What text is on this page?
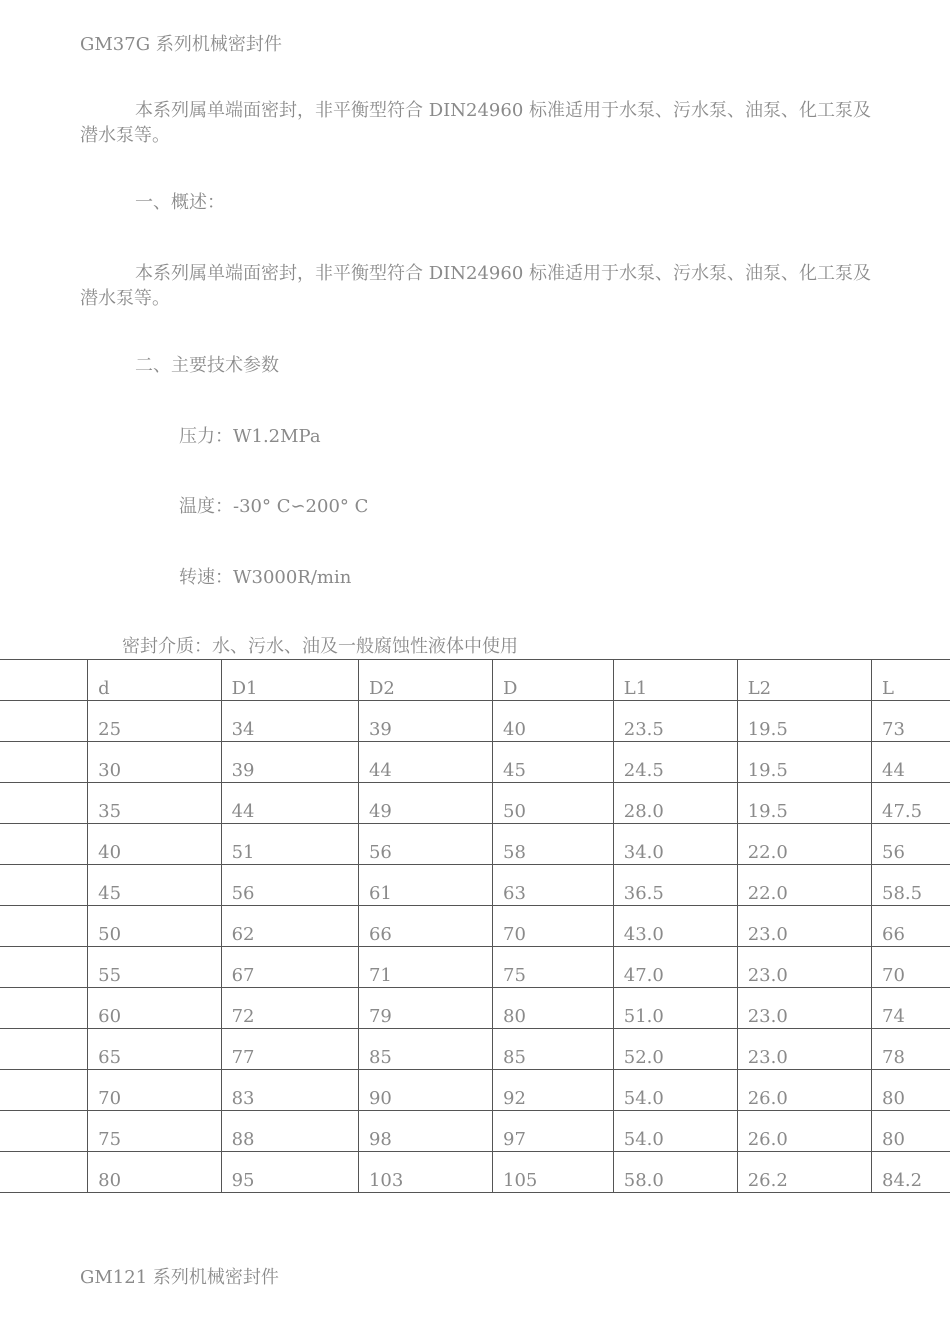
GM37G 系列机械密封件
本系列属单端面密封，非平衡型符合 DIN24960 标准适用于水泵、污水泵、油泵、化工泵及潜水泵等。
一、概述：
本系列属单端面密封，非平衡型符合 DIN24960 标准适用于水泵、污水泵、油泵、化工泵及潜水泵等。
二、主要技术参数
压力：W1.2MPa
温度：-30° C∽200° C
转速：W3000R/min
密封介质：水、污水、油及一般腐蚀性液体中使用
	d	D1	D2	D	L1	L2	L
	25	34	39	40	23.5	19.5	73
	30	39	44	45	24.5	19.5	44
	35	44	49	50	28.0	19.5	47.5
	40	51	56	58	34.0	22.0	56
	45	56	61	63	36.5	22.0	58.5
	50	62	66	70	43.0	23.0	66
	55	67	71	75	47.0	23.0	70
	60	72	79	80	51.0	23.0	74
	65	77	85	85	52.0	23.0	78
	70	83	90	92	54.0	26.0	80
	75	88	98	97	54.0	26.0	80
	80	95	103	105	58.0	26.2	84.2
GM121 系列机械密封件
